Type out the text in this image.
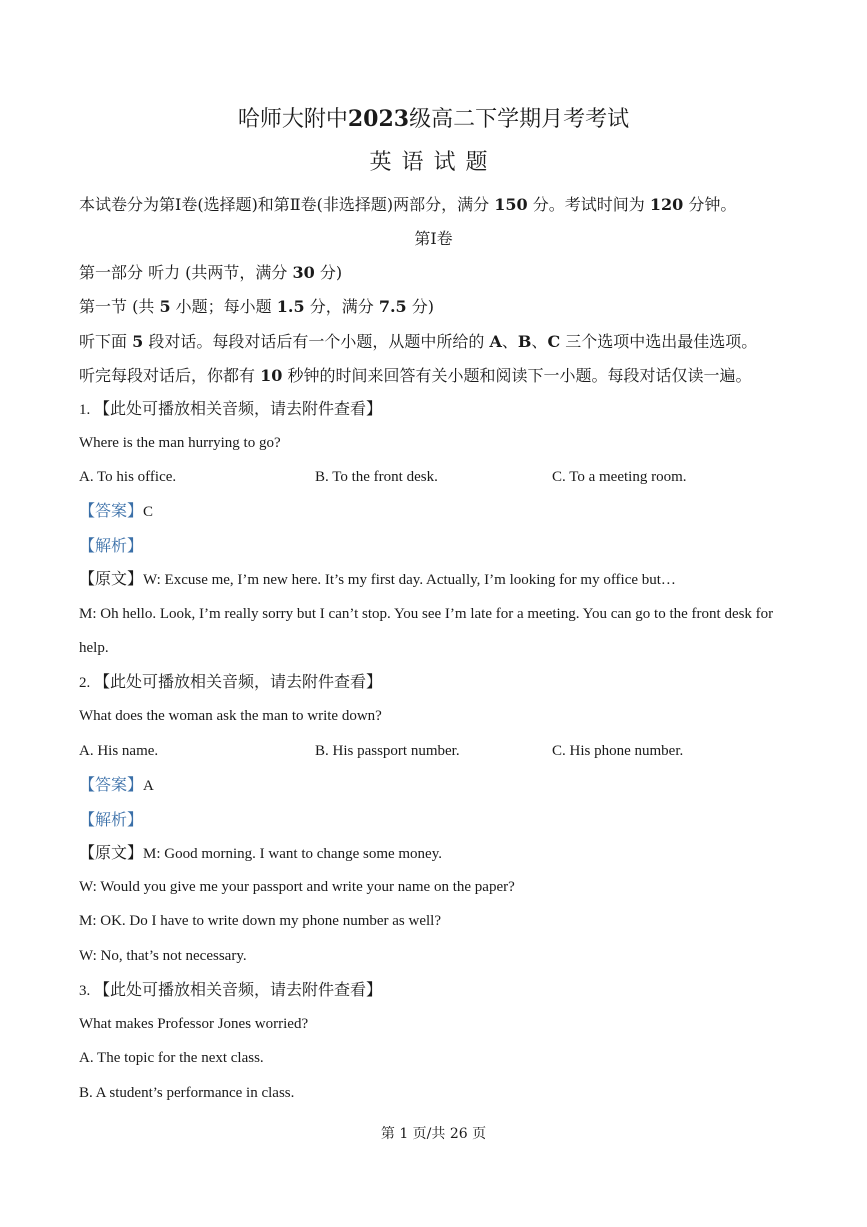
哈师大附中2023级高二下学期月考考试
英语试题
本试卷分为第Ⅰ卷(选择题)和第Ⅱ卷(非选择题)两部分，满分 150 分。考试时间为 120 分钟。
第Ⅰ卷
第一部分 听力 (共两节，满分 30 分)
第一节 (共 5 小题；每小题 1.5 分，满分 7.5 分)
听下面 5 段对话。每段对话后有一个小题，从题中所给的 A、B、C 三个选项中选出最佳选项。
听完每段对话后，你都有 10 秒钟的时间来回答有关小题和阅读下一小题。每段对话仅读一遍。
1. 【此处可播放相关音频，请去附件查看】
Where is the man hurrying to go?
A. To his office.	B. To the front desk.	C. To a meeting room.
【答案】C
【解析】
【原文】W: Excuse me, I’m new here. It’s my first day. Actually, I’m looking for my office but…
M: Oh hello. Look, I’m really sorry but I can’t stop. You see I’m late for a meeting. You can go to the front desk for
help.
2. 【此处可播放相关音频，请去附件查看】
What does the woman ask the man to write down?
A. His name.	B. His passport number.	C. His phone number.
【答案】A
【解析】
【原文】M: Good morning. I want to change some money.
W: Would you give me your passport and write your name on the paper?
M: OK. Do I have to write down my phone number as well?
W: No, that’s not necessary.
3. 【此处可播放相关音频，请去附件查看】
What makes Professor Jones worried?
A. The topic for the next class.
B. A student’s performance in class.
第 1 页/共 26 页
